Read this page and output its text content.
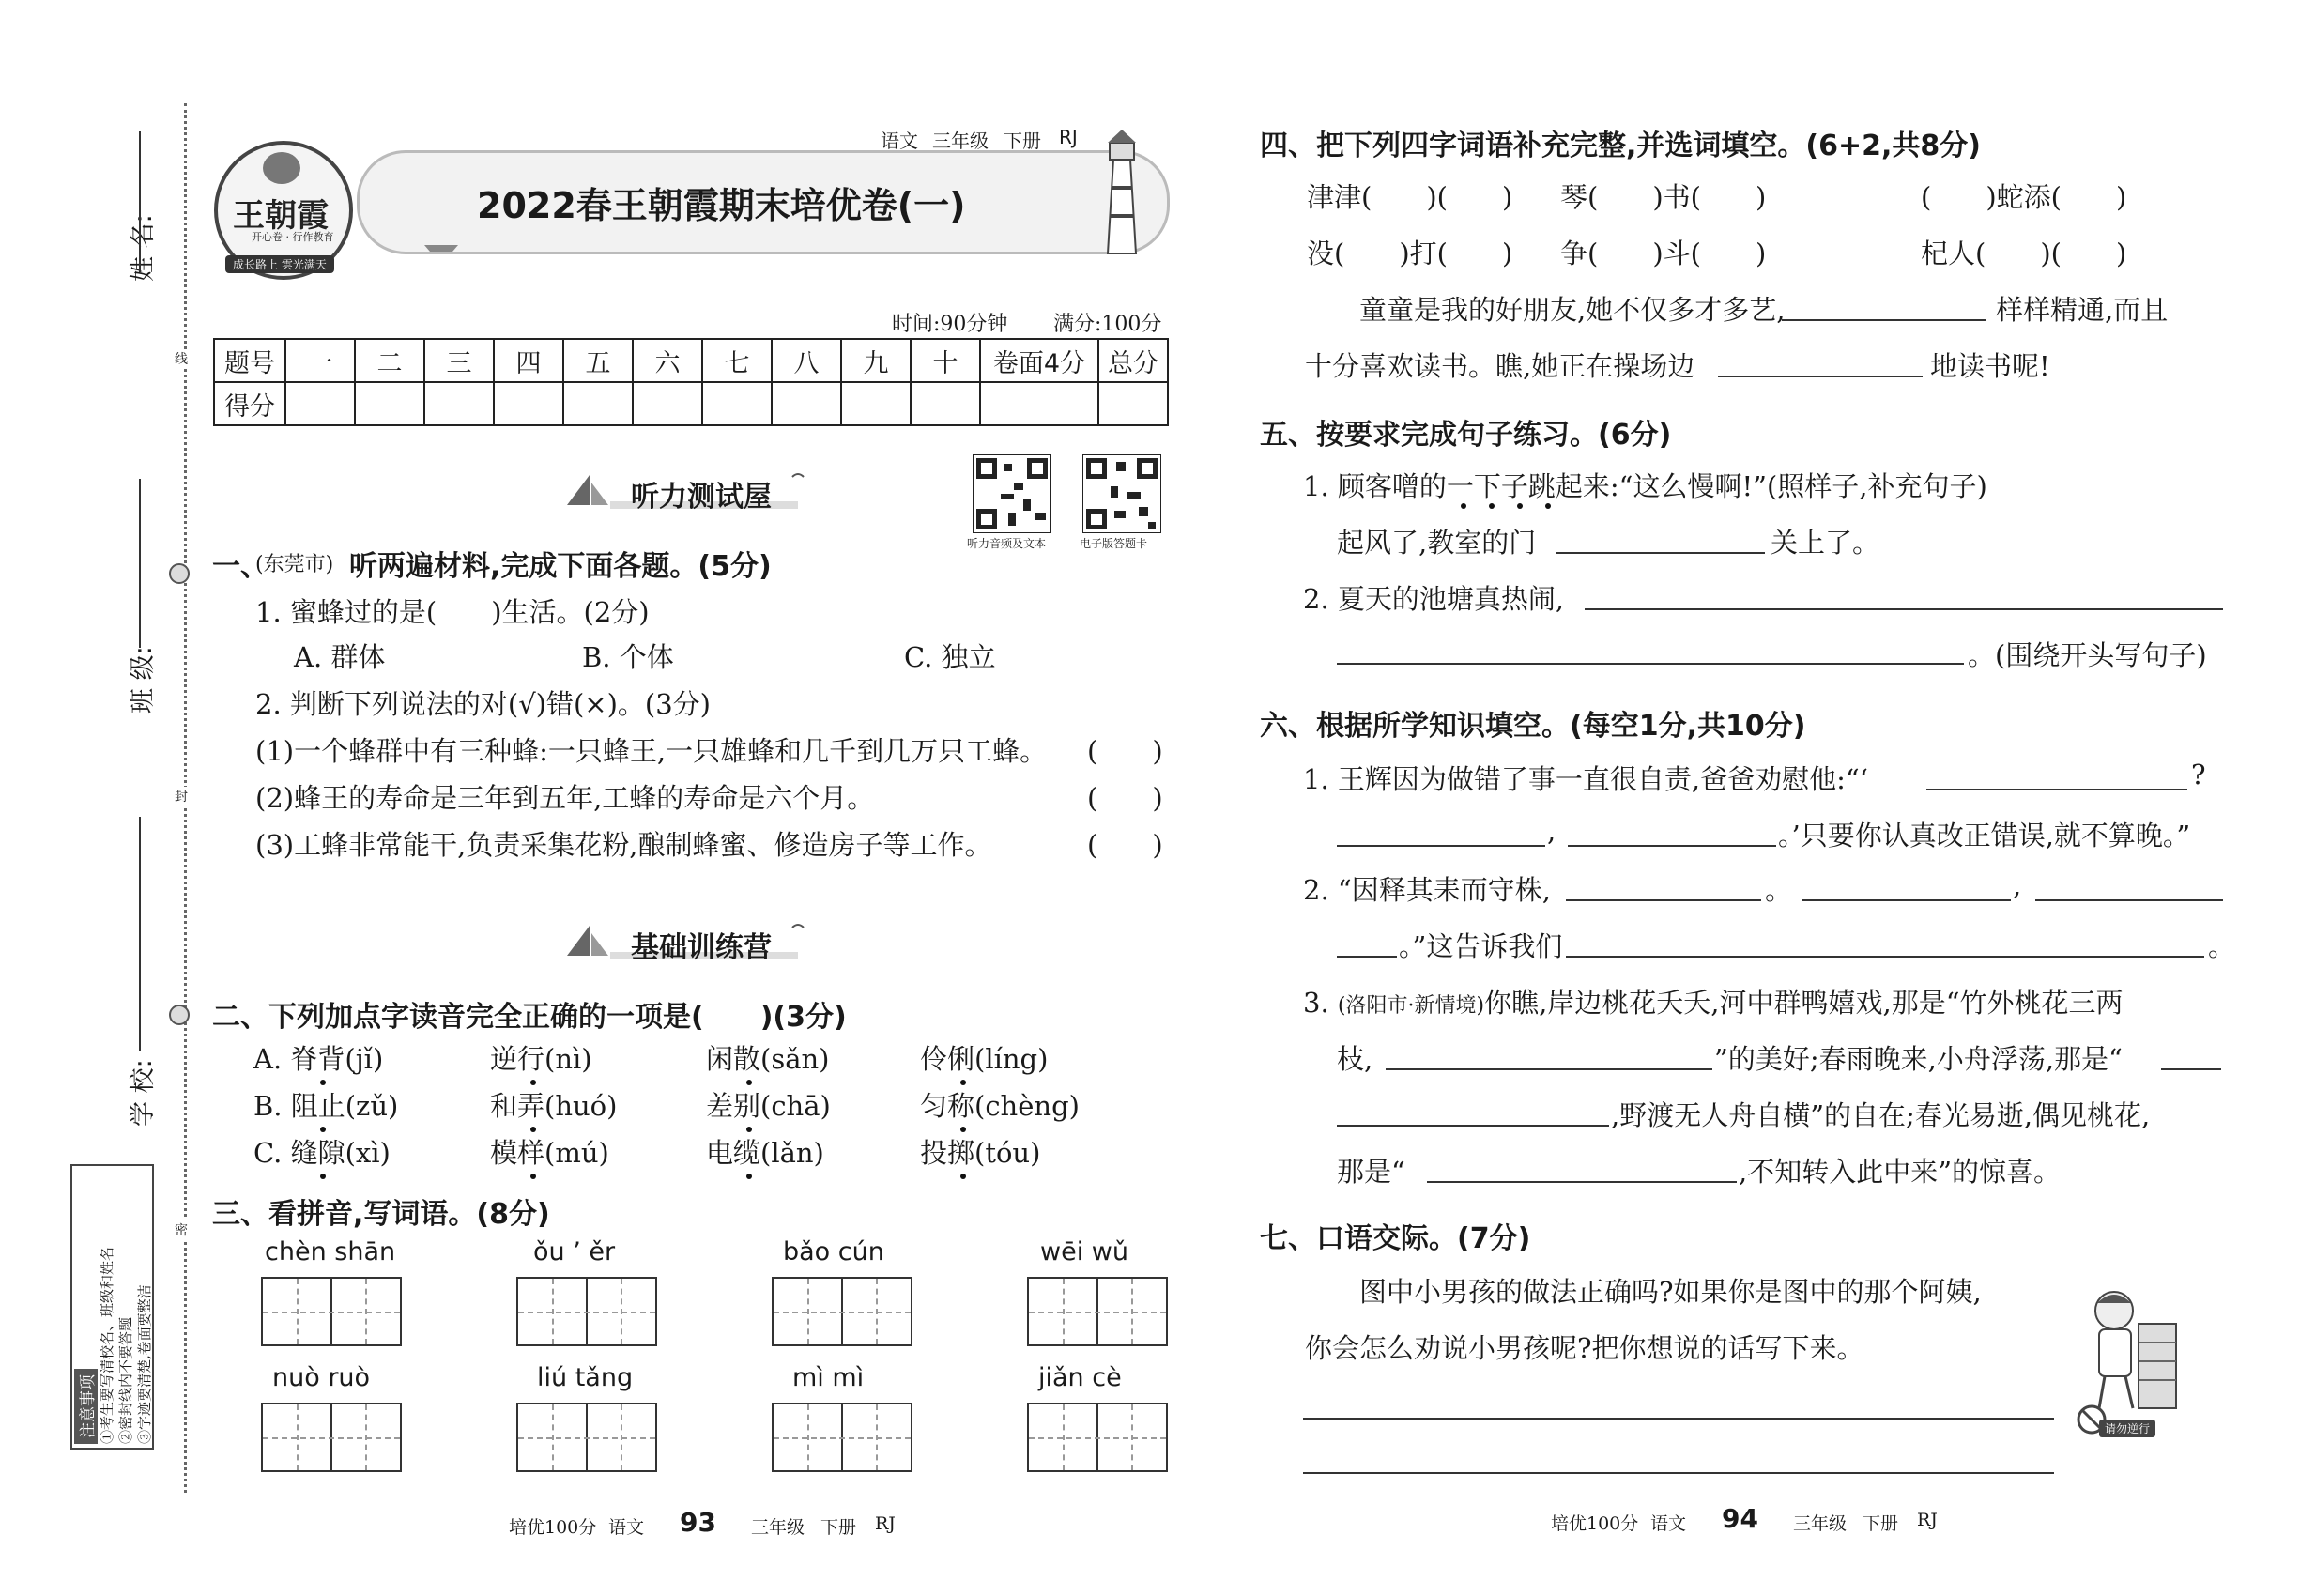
姓 名:
班 级:
学 校:
线
封
密
注意事项 ①考生要写清校名、班级和姓名 ②密封线内不要答题 ③字迹要清楚,卷面要整洁
王朝霞
开心卷 · 行作教育
成长路上 雲光满天
2022春王朝霞期末培优卷(一)
语文 三年级 下册 RJ
时间:90分钟 满分:100分
题号	一	二	三	四	五	六	七	八	九	十	卷面4分	总分
得分												
听力音频及文本	电子版答题卡
听力测试屋
一、
(东莞市) 听两遍材料,完成下面各题。(5分)
1. 蜜蜂过的是(　　)生活。(2分)
A. 群体	B. 个体	C. 独立
2. 判断下列说法的对(√)错(×)。(3分)
(1)一个蜂群中有三种蜂:一只蜂王,一只雄蜂和几千到几万只工蜂。 (　　)
(2)蜂王的寿命是三年到五年,工蜂的寿命是六个月。	(　　)
(3)工蜂非常能干,负责采集花粉,酿制蜂蜜、修造房子等工作。	(　　)
基础训练营
二、下列加点字读音完全正确的一项是(　　)(3分)
A. 脊背(jǐ)	逆行(nì)	闲散(sǎn)	伶俐(líng)
B. 阻止(zǔ)	和弄(huó)	差别(chā)	匀称(chèng)
C. 缝隙(xì)	模样(mú)	电缆(lǎn)	投掷(tóu)
三、看拼音,写词语。(8分)
chèn shān	ǒu ’ ěr	bǎo cún	wēi wǔ
nuò ruò	liú tǎng	mì mì	jiǎn cè
培优100分 语文 93 三年级 下册 RJ
四、把下列四字词语补充完整,并选词填空。(6+2,共8分)
津津(　　)(　　) 琴(　　)书(　　)	(　　)蛇添(　　)
没(　　)打(　　) 争(　　)斗(　　)	杞人(　　)(　　)
童童是我的好朋友,她不仅多才多艺,	样样精通,而且
十分喜欢读书。瞧,她正在操场边	地读书呢!
五、按要求完成句子练习。(6分)
1. 顾客噌的一下子跳起来:“这么慢啊!”(照样子,补充句子)
起风了,教室的门	关上了。
2. 夏天的池塘真热闹,
。(围绕开头写句子)
六、根据所学知识填空。(每空1分,共10分)
1. 王辉因为做错了事一直很自责,爸爸劝慰他:“‘	?
,	。’只要你认真改正错误,就不算晚。”
2. “因释其耒而守株,	。	,
。”这告诉我们	。
3. (洛阳市·新情境)你瞧,岸边桃花夭夭,河中群鸭嬉戏,那是“竹外桃花三两
枝,	”的美好;春雨晚来,小舟浮荡,那是“
,野渡无人舟自横”的自在;春光易逝,偶见桃花,
那是“	,不知转入此中来”的惊喜。
七、口语交际。(7分)
图中小男孩的做法正确吗?如果你是图中的那个阿姨,
你会怎么劝说小男孩呢?把你想说的话写下来。
请勿逆行
培优100分 语文 94 三年级 下册 RJ
